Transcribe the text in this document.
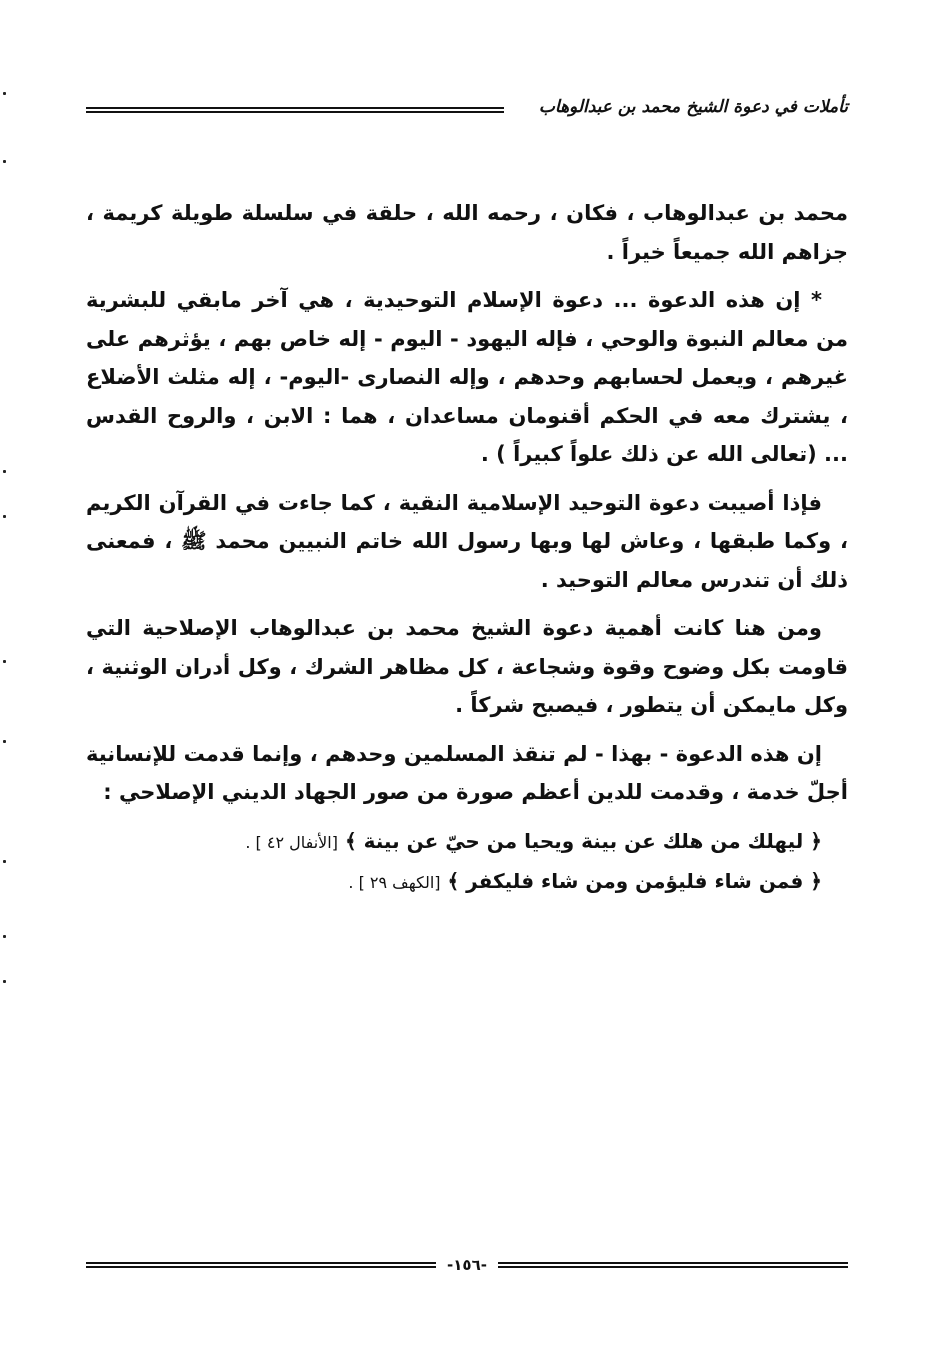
تأملات في دعوة الشيخ محمد بن عبدالوهاب

محمد بن عبدالوهاب ، فكان ، رحمه الله ، حلقة في سلسلة طويلة كريمة ، جزاهم الله جميعاً خيراً .

* إن هذه الدعوة ... دعوة الإسلام التوحيدية ، هي آخر مابقي للبشرية من معالم النبوة والوحي ، فإله اليهود - اليوم - إله خاص بهم ، يؤثرهم على غيرهم ، ويعمل لحسابهم وحدهم ، وإله النصارى -اليوم- ، إله مثلث الأضلاع ، يشترك معه في الحكم أقنومان مساعدان ، هما : الابن ، والروح القدس ... (تعالى الله عن ذلك علواً كبيراً ) .

فإذا أصيبت دعوة التوحيد الإسلامية النقية ، كما جاءت في القرآن الكريم ، وكما طبقها ، وعاش لها وبها رسول الله خاتم النبيين محمد ﷺ ، فمعنى ذلك أن تندرس معالم التوحيد .

ومن هنا كانت أهمية دعوة الشيخ محمد بن عبدالوهاب الإصلاحية التي قاومت بكل وضوح وقوة وشجاعة ، كل مظاهر الشرك ، وكل أدران الوثنية ، وكل مايمكن أن يتطور ، فيصبح شركاً .

إن هذه الدعوة - بهذا - لم تنقذ المسلمين وحدهم ، وإنما قدمت للإنسانية أجلّ خدمة ، وقدمت للدين أعظم صورة من صور الجهاد الديني الإصلاحي :

﴿ ليهلك من هلك عن بينة ويحيا من حيّ عن بينة ﴾ [الأنفال ٤٢ ] .
﴿ فمن شاء فليؤمن ومن شاء فليكفر ﴾ [الكهف ٢٩ ] .
-١٥٦-
